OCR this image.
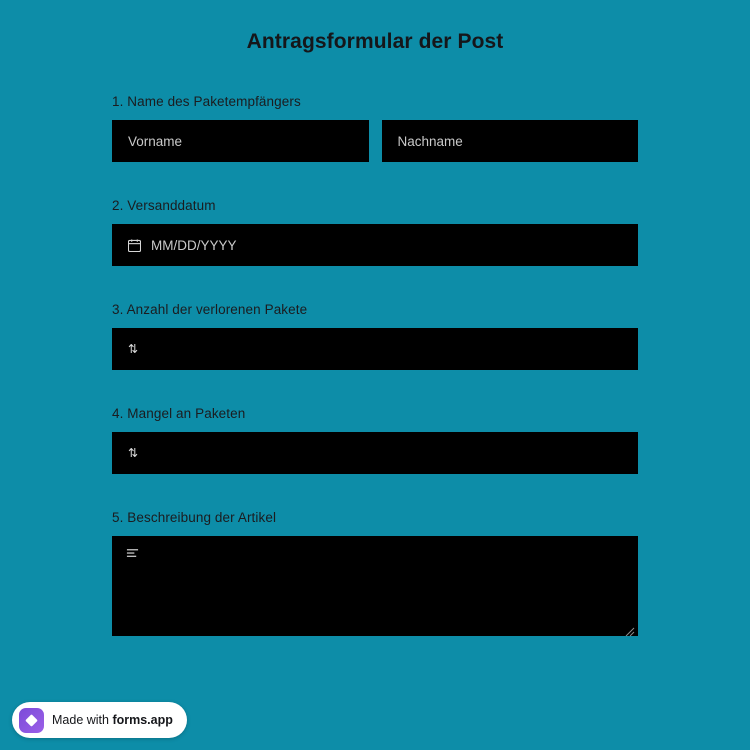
Antragsformular der Post
1. Name des Paketempfängers
Vorname	Nachname
2. Versanddatum
MM/DD/YYYY
3. Anzahl der verlorenen Pakete
⇅
4. Mangel an Paketen
⇅
5. Beschreibung der Artikel
Made with forms.app
